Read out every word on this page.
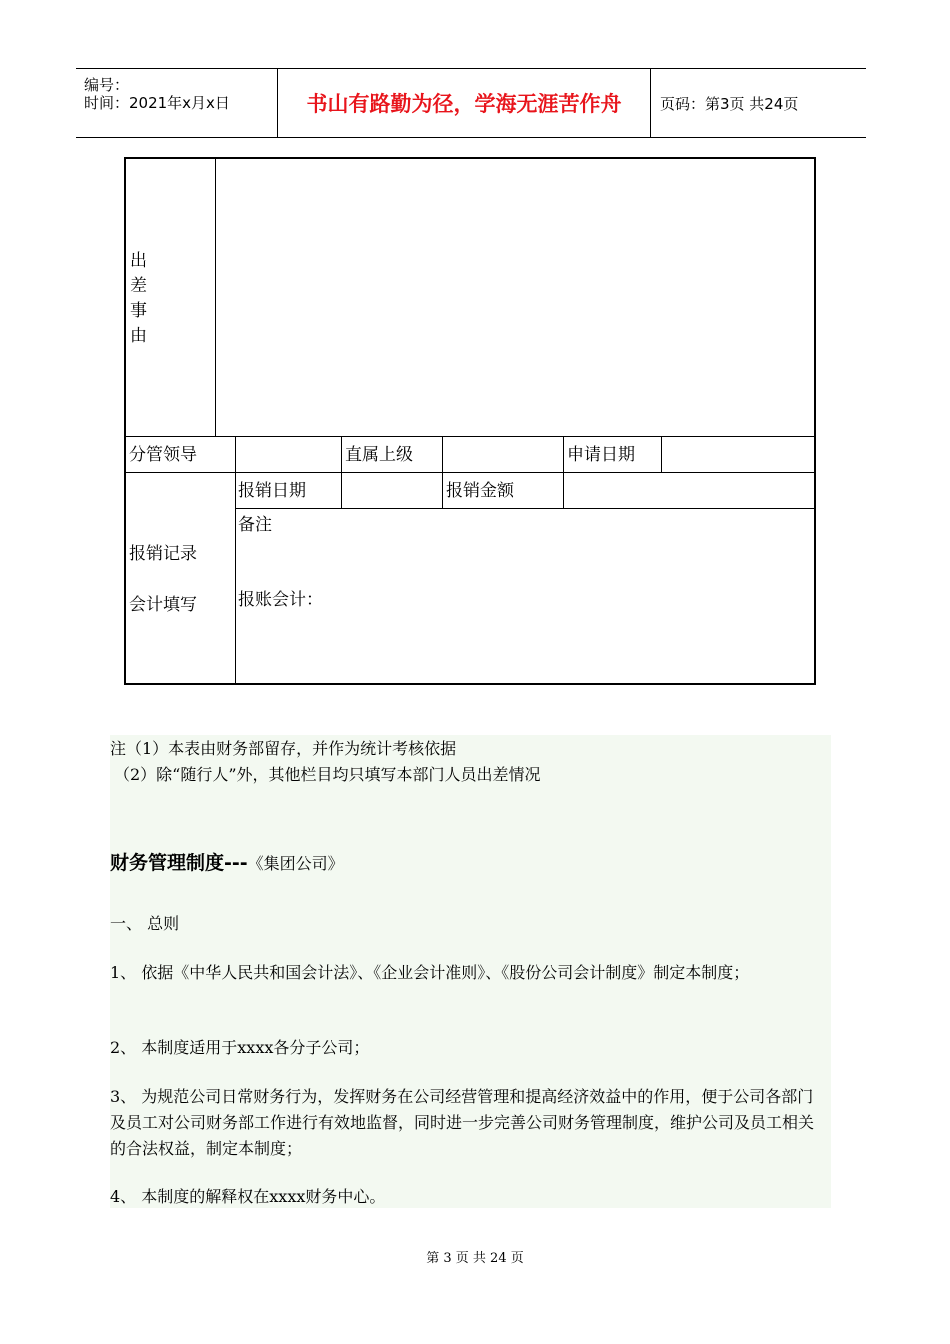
编号：
时间：2021年x月x日	书山有路勤为径，学海无涯苦作舟	页码：第3页 共24页
出差事由
分管领导	直属上级	申请日期
报销记录
会计填写
报销日期	报销金额
备注
报账会计：
注（1）本表由财务部留存，并作为统计考核依据
（2）除“随行人”外，其他栏目均只填写本部门人员出差情况
财务管理制度---《集团公司》
一、 总则
1、 依据《中华人民共和国会计法》、《企业会计准则》、《股份公司会计制度》制定本制度；
2、 本制度适用于xxxx各分子公司；
3、 为规范公司日常财务行为，发挥财务在公司经营管理和提高经济效益中的作用，便于公司各部门及员工对公司财务部工作进行有效地监督，同时进一步完善公司财务管理制度，维护公司及员工相关的合法权益，制定本制度；
4、 本制度的解释权在xxxx财务中心。
第 3 页 共 24 页
